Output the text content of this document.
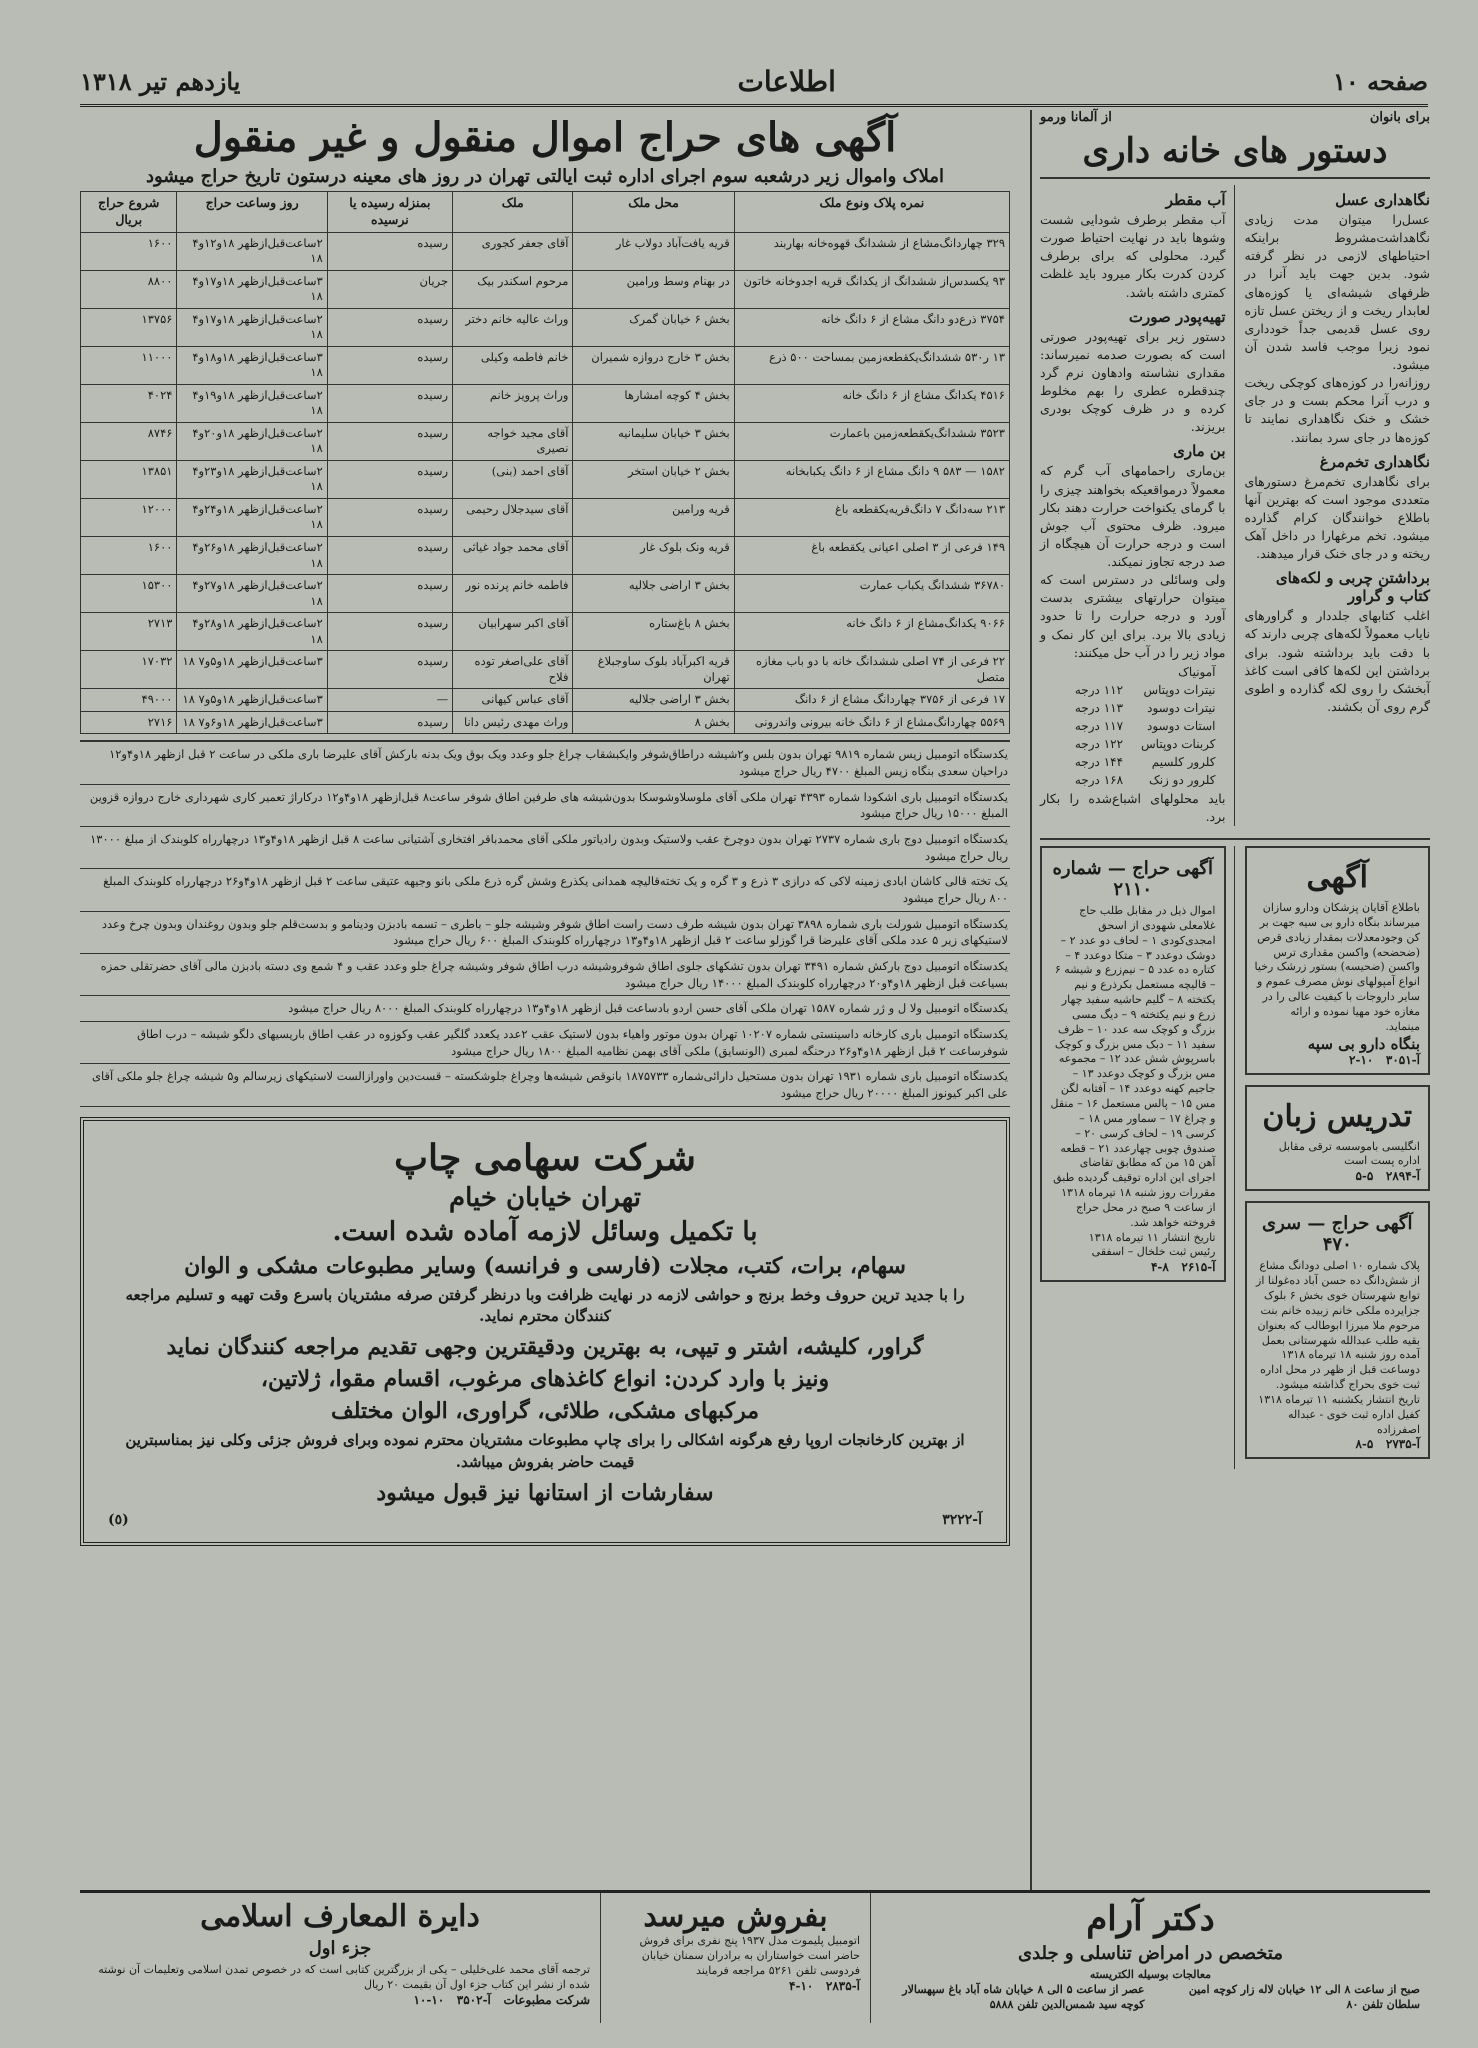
صفحه ۱۰
اطلاعات
یازدهم تیر ۱۳۱۸
برای بانوان
از آلمانا ورمو
دستور های خانه داری
نگاهداری عسل
عسل‌را میتوان مدت زیادی نگاهداشت‌مشروط براینکه احتیاطهای لازمی در نظر گرفته شود. بدین جهت باید آنرا در ظرفهای شیشه‌ای یا کوزه‌های لعابدار ریخت و از ریختن عسل تازه روی عسل قدیمی جداً خودداری نمود زیرا موجب فاسد شدن آن میشود.
روزانه‌را در کوزه‌های کوچکی ریخت و درب آنرا محکم بست و در جای خشک و خنک نگاهداری نمایند تا کوزه‌ها در جای سرد بمانند.
نگاهداری تخم‌مرغ
برای نگاهداری تخم‌مرغ دستورهای متعددی موجود است که بهترین آنها باطلاع خوانندگان کرام گذارده میشود. تخم مرغهارا در داخل آهک ریخته و در جای خنک قرار میدهند.
برداشتن چربی و لکه‌های کتاب و گراور
اغلب کتابهای جلددار و گراورهای نایاب معمولاً لکه‌های چربی دارند که با دقت باید برداشته شود. برای برداشتن این لکه‌ها کافی است کاغذ آبخشک را روی لکه گذارده و اطوی گرم روی آن بکشند.
آب مقطر
آب مقطر برطرف شودایی شست وشوها باید در نهایت احتیاط صورت گیرد. محلولی که برای برطرف کردن کدرت بکار میرود باید غلظت کمتری داشته باشد.
تهیه‌پودر صورت
دستور زیر برای تهیه‌پودر صورتی است که بصورت صدمه نمیرساند: مقداری نشاسته وادهاون نرم گرد چندقطره عطری را بهم مخلوط کرده و در ظرف کوچک بودری بریزند.
بن ماری
بن‌ماری راحمامهای آب گرم که معمولاً درمواقعیکه بخواهند چیزی را با گرمای یکنواخت حرارت دهند بکار میرود. ظرف محتوی آب جوش است و درجه حرارت آن هیچگاه از صد درجه تجاوز نمیکند.
ولی وسائلی در دسترس است که میتوان حرارتهای بیشتری بدست آورد و درجه حرارت را تا حدود زیادی بالا برد. برای این کار نمک و مواد زیر را در آب حل میکنند:
آمونیاک	
نیترات دوپتاس	۱۱۲ درجه
نیترات دوسود	۱۱۳ درجه
استات دوسود	۱۱۷ درجه
کربنات دوپتاس	۱۲۲ درجه
کلرور کلسیم	۱۴۴ درجه
کلرور دو زنک	۱۶۸ درجه
باید محلولهای اشباع‌شده را بکار برد.
آگهی
باطلاع آقایان پزشکان ودارو سازان میرساند بنگاه دارو بی سیه جهت بر کن وجودمعدلات بمقدار زیادی قرص (ضحضحه) واکسن مقداری ترس واکسن (ضحیسه) بستور زرشک رخیا انواع آمپولهای نوش مصرف عموم و سایر داروجات با کیفیت عالی را در مغازه خود مهیا نموده و ارائه مینماید.
بنگاه دارو بی سپه
آ-۳۰۵۱   ۱۰-۲
تدریس زبان
انگلیسی باموسسه ترقی مقابل اداره پست است
آ-۲۸۹۴   ۵-۵
آگهی حراج — سری ۴۷۰
پلاک شماره ۱۰ اصلی دودانگ مشاع از شش‌دانگ ده‌ حسن آباد ده‌غولنا از توابع شهرستان خوی بخش ۶ بلوک جزایرده ملکی خانم زبیده خانم بنت مرحوم ملا میرزا ابوطالب که بعنوان بقیه طلب عبدالله شهرستانی بعمل آمده روز شنبه ۱۸ تیرماه ۱۳۱۸ دوساعت قبل از ظهر در محل اداره ثبت خوی بحراج گذاشته میشود.
تاریخ انتشار یکشنبه ۱۱ تیرماه ۱۳۱۸
کفیل اداره ثبت خوی - عبداله اصفرزاده
آ-۲۷۳۵   ۵-۸
آگهی حراج — شماره ۲۱۱۰
اموال ذیل در مقابل طلب حاج غلامعلی شهودی از اسحق امجدی‌کودی ۱ – لحاف دو عدد ۲ – دوشک دوعدد ۳ – متکا دوعدد ۴ – کتاره ده عدد ۵ – نیم‌زرع و شیشه ۶ – قالیچه مستعمل بکرذرع و نیم یکتخته ۸ – گلیم حاشیه سفید چهار زرع و نیم یکتخته ۹ – دیگ مسی بزرگ و کوچک سه عدد ۱۰ – ظرف سفید ۱۱ – دبک مس بزرگ و کوچک باسرپوش شش عدد ۱۲ – مجموعه مس بزرگ و کوچک دوعدد ۱۳ – جاجیم کهنه دوعدد ۱۴ – آفتابه لگن مس ۱۵ – پالس مستعمل ۱۶ – منقل و چراغ ۱۷ – سماور مس ۱۸ – کرسی ۱۹ – لحاف کرسی ۲۰ – صندوق چوبی چهارعدد ۲۱ – قطعه آهن ۱۵ من که مطابق تقاضای اجرای این اداره توقیف گردیده طبق مقررات روز شنبه ۱۸ تیرماه ۱۳۱۸ از ساعت ۹ صبح در محل حراج فروخته خواهد شد.
تاریخ انتشار ۱۱ تیرماه ۱۳۱۸
رئیس ثبت خلخال – اسفقی
آ-۲۶۱۵   ۸-۴
آگهی های حراج اموال منقول و غیر منقول
املاک واموال زیر درشعبه سوم اجرای اداره ثبت ایالتی تهران در روز های معینه درستون تاریخ حراج میشود
نمره پلاک ونوع ملک	محل ملک	ملک	بمنزله رسیده یا نرسیده	روز وساعت حراج	شروع حراج بریال
۳۲۹ چهاردانگ‌مشاع از ششدانگ قهوه‌خانه بهاربند	قریه یافت‌آباد دولاب غار	آقای جعفر کجوری	رسیده	۲ساعت‌قبل‌ازظهر ۱۸و۱۲و۴ ۱۸	۱۶۰۰
۹۳ یکسدس‌از ششدانگ از یکدانگ قریه اجدوخانه خاتون	در بهنام وسط ورامین	مرحوم اسکندر بیک	جریان	۳ساعت‌قبل‌ازظهر ۱۸و۱۷و۴ ۱۸	۸۸۰۰
۳۷۵۴ ذرع‌دو دانگ مشاع از ۶ دانگ خانه	بخش ۶ خیابان گمرک	وراث عالیه خانم دختر	رسیده	۲ساعت‌قبل‌ازظهر ۱۸و۱۷و۴ ۱۸	۱۳۷۵۶
۱۳ ر۵۳۰ ششدانگ‌یکقطعه‌زمین بمساحت ۵۰۰ ذرع	بخش ۳ خارج دروازه شمیران	خانم فاطمه وکیلی	رسیده	۳ساعت‌قبل‌ازظهر ۱۸و۱۸و۴ ۱۸	۱۱۰۰۰
۴۵۱۶ یکدانگ مشاع از ۶ دانگ خانه	بخش ۴ کوچه امشارها	وراث پرویز خانم	رسیده	۲ساعت‌قبل‌ازظهر ۱۸و۱۹و۴ ۱۸	۴۰۲۴
۳۵۲۳ ششدانگ‌یکقطعه‌زمین با‌عمارت	بخش ۳ خیابان سلیمانیه	آقای مجید خواجه نصیری	رسیده	۲ساعت‌قبل‌ازظهر ۱۸و۲۰و۴ ۱۸	۸۷۴۶
۱۵۸۲ — ۵۸۳ ۹ دانگ مشاع از ۶ دانگ یکبابخانه	بخش ۲ خیابان استخر	آقای احمد (بنی)	رسیده	۲ساعت‌قبل‌ازظهر ۱۸و۲۳و۴ ۱۸	۱۳۸۵۱
۲۱۳ سه‌دانگ ۷ دانگ‌قریه‌یکقطعه باغ	قریه ورامین	آقای سیدجلال رحیمی	رسیده	۲ساعت‌قبل‌ازظهر ۱۸و۲۴و۴ ۱۸	۱۲۰۰۰
۱۴۹ فرعی از ۳ اصلی اعیانی یکقطعه باغ	قریه ونک بلوک غار	آقای محمد جواد غیاثی	رسیده	۲ساعت‌قبل‌ازظهر ۱۸و۲۶و۴ ۱۸	۱۶۰۰
۳۶۷۸۰ ششدانگ یکباب عمارت	بخش ۳ اراضی جلالیه	فاطمه خانم پرنده نور	رسیده	۲ساعت‌قبل‌ازظهر ۱۸و۲۷و۴ ۱۸	۱۵۳۰۰
۹۰۶۶ یکدانگ‌مشاع از ۶ دانگ خانه	بخش ۸ باغ‌ستاره	آقای اکبر سهرابیان	رسیده	۲ساعت‌قبل‌ازظهر ۱۸و۲۸و۴ ۱۸	۲۷۱۳
۲۲ فرعی از ۷۴ اصلی ششدانگ خانه با دو باب مغازه متصل	قریه اکبرآباد بلوک ساوجبلاغ تهران	آقای علی‌اصغر توده فلاح	رسیده	۳ساعت‌قبل‌ازظهر ۱۸و۵و۷ ۱۸	۱۷۰۳۲
۱۷ فرعی از ۳۷۵۶ چهاردانگ مشاع از ۶ دانگ	بخش ۳ اراضی جلالیه	آقای عباس کیهانی	—	۳ساعت‌قبل‌ازظهر ۱۸و۵و۷ ۱۸	۴۹۰۰۰
۵۵۶۹ چهاردانگ‌مشاع از ۶ دانگ خانه بیرونی واندرونی	بخش ۸	وراث مهدی رئیس دانا	رسیده	۳ساعت‌قبل‌ازظهر ۱۸و۶و۷ ۱۸	۲۷۱۶
یکدستگاه اتومبیل زیس شماره ۹۸۱۹ تهران بدون بلس و۲شیشه دراطاق‌شوفر وایکبشقاب چراغ جلو وعدد ویک بوق ویک بدنه بارکش آقای علیرضا باری ملکی در ساعت ۲ قبل ازظهر ۱۸و۴و۱۲ دراحیان سعدی بنگاه زیس المبلغ ۴۷۰۰ ریال حراج میشود
یکدستگاه اتومبیل باری اشکودا شماره ۴۳۹۳ تهران ملکی آقای ملوسلاوشوسکا بدون‌شیشه های طرفین اطاق شوفر ساعت۸ قبل‌ازظهر ۱۸و۴و۱۲ درکاراژ تعمیر کاری شهرداری خارج دروازه قزوین المبلغ ۱۵۰۰۰ ریال حراج میشود
یکدستگاه اتومبیل دوج باری شماره ۲۷۳۷ تهران بدون دوچرخ عقب ولاستیک وبدون رادیاتور ملکی آقای محمدباقر افتخاری آشتیانی ساعت ۸ قبل ازظهر ۱۸و۴و۱۳ درچهارراه کلوبندک از مبلغ ۱۳۰۰۰ ریال حراج میشود
یک تخته قالی کاشان ابادی زمینه لاکی که درازی ۳ ذرع و ۳ گره و یک تخته‌قالیچه همدانی یکذرع وشش گره ذرع ملکی بانو وجیهه عتیقی ساعت ۲ قبل ازظهر ۱۸و۴و۲۶ درچهارراه کلوبندک المبلغ ۸۰۰ ریال حراج میشود
یکدستگاه اتومبیل شورلت باری شماره ۳۸۹۸ تهران بدون شیشه طرف دست راست اطاق شوفر وشیشه جلو – باطری – تسمه بادبزن ودینامو و بدست‌قلم جلو وبدون روغندان وبدون چرخ وعدد لاستیکهای زیر ۵ عدد ملکی آقای علیرضا قرا گوزلو ساعت ۲ قبل ازظهر ۱۸و۴و۱۳ درچهارراه کلوبندک المبلغ ۶۰۰ ریال حراج میشود
یکدستگاه اتومبیل دوج بارکش شماره ۳۴۹۱ تهران بدون تشکهای جلوی اطاق شوفرو‌شیشه درب اطاق شوفر وشیشه چراغ جلو وعدد عقب و ۴ شمع وی دسته بادبزن مالی آقای حضرتقلی حمزه بسیاعت قبل ازظهر ۱۸و۴و۲۰ درچهارراه کلوبندک المبلغ ۱۴۰۰۰ ریال حراج میشود
یکدستگاه اتومبیل ولا ل و ژر شماره ۱۵۸۷ تهران ملکی آقای حسن اردو بادساعت قبل ازظهر ۱۸و۴و۱۳ درچهارراه کلوبندک المبلغ ۸۰۰۰ ریال حراج میشود
یکدستگاه اتومبیل باری کارخانه داسینستی شماره ۱۰۲۰۷ تهران بدون موتور واهیاء بدون لاستیک عقب ۲عدد یکعدد گلگیر عقب وکوزوه در عقب اطاق باریسیهای دلگو شیشه – درب اطاق شوفرساعت ۲ قبل ازظهر ۱۸و۴و۲۶ درحنگه لمبری (الونسایق) ملکی آقای بهمن نظامیه المبلغ ۱۸۰۰ ریال حراج میشود
یکدستگاه اتومبیل باری شماره ۱۹۳۱ تهران بدون مستحیل دارائی‌شماره ۱۸۷۵۷۳۳ بانوقص شیشه‌ها وچراغ جلوشکسته – قست‌دین واورازالست لاستیکهای زیرسالم و۵ شیشه چراغ جلو ملکی آقای علی اکبر کیونوز المبلغ ۲۰۰۰۰ ریال حراج میشود
شرکت سهامی چاپ
تهران خیابان خیام
با تکمیل وسائل لازمه آماده شده است.
سهام، برات، کتب، مجلات (فارسی و فرانسه) وسایر مطبوعات مشکی و الوان
را با جدید ترین حروف وخط برنج و حواشی لازمه در نهایت ظرافت وبا درنظر گرفتن صرفه مشتریان باسرع وقت تهیه و تسلیم مراجعه کنندگان محترم نماید.
گراور، کلیشه، اشتر و تیپی، به بهترین ودقیقترین وجهی تقدیم مراجعه کنندگان نماید
ونیز با وارد کردن: انواع کاغذهای مرغوب، اقسام مقوا، ژلاتین،
مرکبهای مشکی، طلائی، گراوری، الوان مختلف
از بهترین کارخانجات اروپا رفع هرگونه اشکالی را برای چاپ مطبوعات مشتریان محترم نموده وبرای فروش جزئی وکلی نیز بمناسبترین قیمت حاضر بفروش میباشد.
سفارشات از استانها نیز قبول میشود
آ-۳۲۲۲
(٥)
دکتر آرام
متخصص در امراض تناسلی و جلدی
معالجات بوسیله الکتریسته
صبح از ساعت ۸ الی ۱۲ خیابان لاله زار کوچه امین سلطان تلفن ۸۰
عصر از ساعت ۵ الی ۸ خیابان شاه آباد باغ سپهسالار کوچه سید شمس‌الدین تلفن ۵۸۸۸
بفروش میرسد
اتومبیل پلیموت مدل ۱۹۳۷ پنج نفری برای فروش حاضر است خواستاران به برادران سمنان خیابان فردوسی تلفن ۵۲۶۱ مراجعه فرمایند
آ-۲۸۳۵   ۱۰-۴
دایرة المعارف اسلامی
جزء اول
ترجمه آقای محمد علی‌خلیلی – یکی از بزرگترین کتابی است که در خصوص تمدن اسلامی وتعلیمات آن نوشته شده از نشر این کتاب جزء اول آن بقیمت ۲۰ ریال
شرکت مطبوعات   آ-۳۵۰۲   ۱۰-۱۰
